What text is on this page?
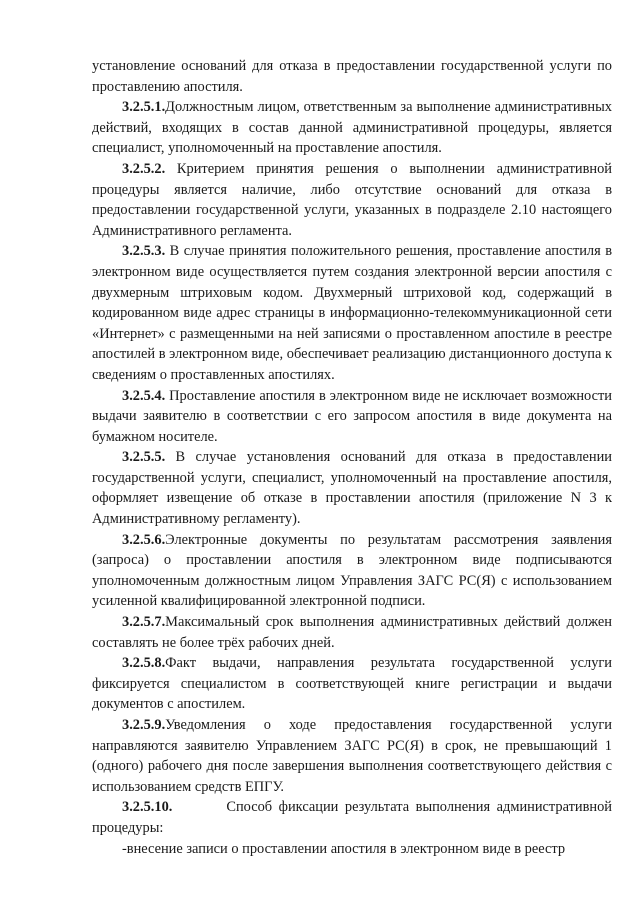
установление оснований для отказа в предоставлении государственной услуги по проставлению апостиля.

3.2.5.1.Должностным лицом, ответственным за выполнение административных действий, входящих в состав данной административной процедуры, является специалист, уполномоченный на проставление апостиля.

3.2.5.2. Критерием принятия решения о выполнении административной процедуры является наличие, либо отсутствие оснований для отказа в предоставлении государственной услуги, указанных в подразделе 2.10 настоящего Административного регламента.

3.2.5.3. В случае принятия положительного решения, проставление апостиля в электронном виде осуществляется путем создания электронной версии апостиля с двухмерным штриховым кодом. Двухмерный штриховой код, содержащий в кодированном виде адрес страницы в информационно-телекоммуникационной сети «Интернет» с размещенными на ней записями о проставленном апостиле в реестре апостилей в электронном виде, обеспечивает реализацию дистанционного доступа к сведениям о проставленных апостилях.

3.2.5.4. Проставление апостиля в электронном виде не исключает возможности выдачи заявителю в соответствии с его запросом апостиля в виде документа на бумажном носителе.

3.2.5.5. В случае установления оснований для отказа в предоставлении государственной услуги, специалист, уполномоченный на проставление апостиля, оформляет извещение об отказе в проставлении апостиля (приложение N 3 к Административному регламенту).

3.2.5.6.Электронные документы по результатам рассмотрения заявления (запроса) о проставлении апостиля в электронном виде подписываются уполномоченным должностным лицом Управления ЗАГС РС(Я) с использованием усиленной квалифицированной электронной подписи.

3.2.5.7.Максимальный срок выполнения административных действий должен составлять не более трёх рабочих дней.

3.2.5.8.Факт выдачи, направления результата государственной услуги фиксируется специалистом в соответствующей книге регистрации и выдачи документов с апостилем.

3.2.5.9.Уведомления о ходе предоставления государственной услуги направляются заявителю Управлением ЗАГС РС(Я) в срок, не превышающий 1 (одного) рабочего дня после завершения выполнения соответствующего действия с использованием средств ЕПГУ.

3.2.5.10.	Способ фиксации результата выполнения административной процедуры:

-внесение записи о проставлении апостиля в электронном виде в реестр
